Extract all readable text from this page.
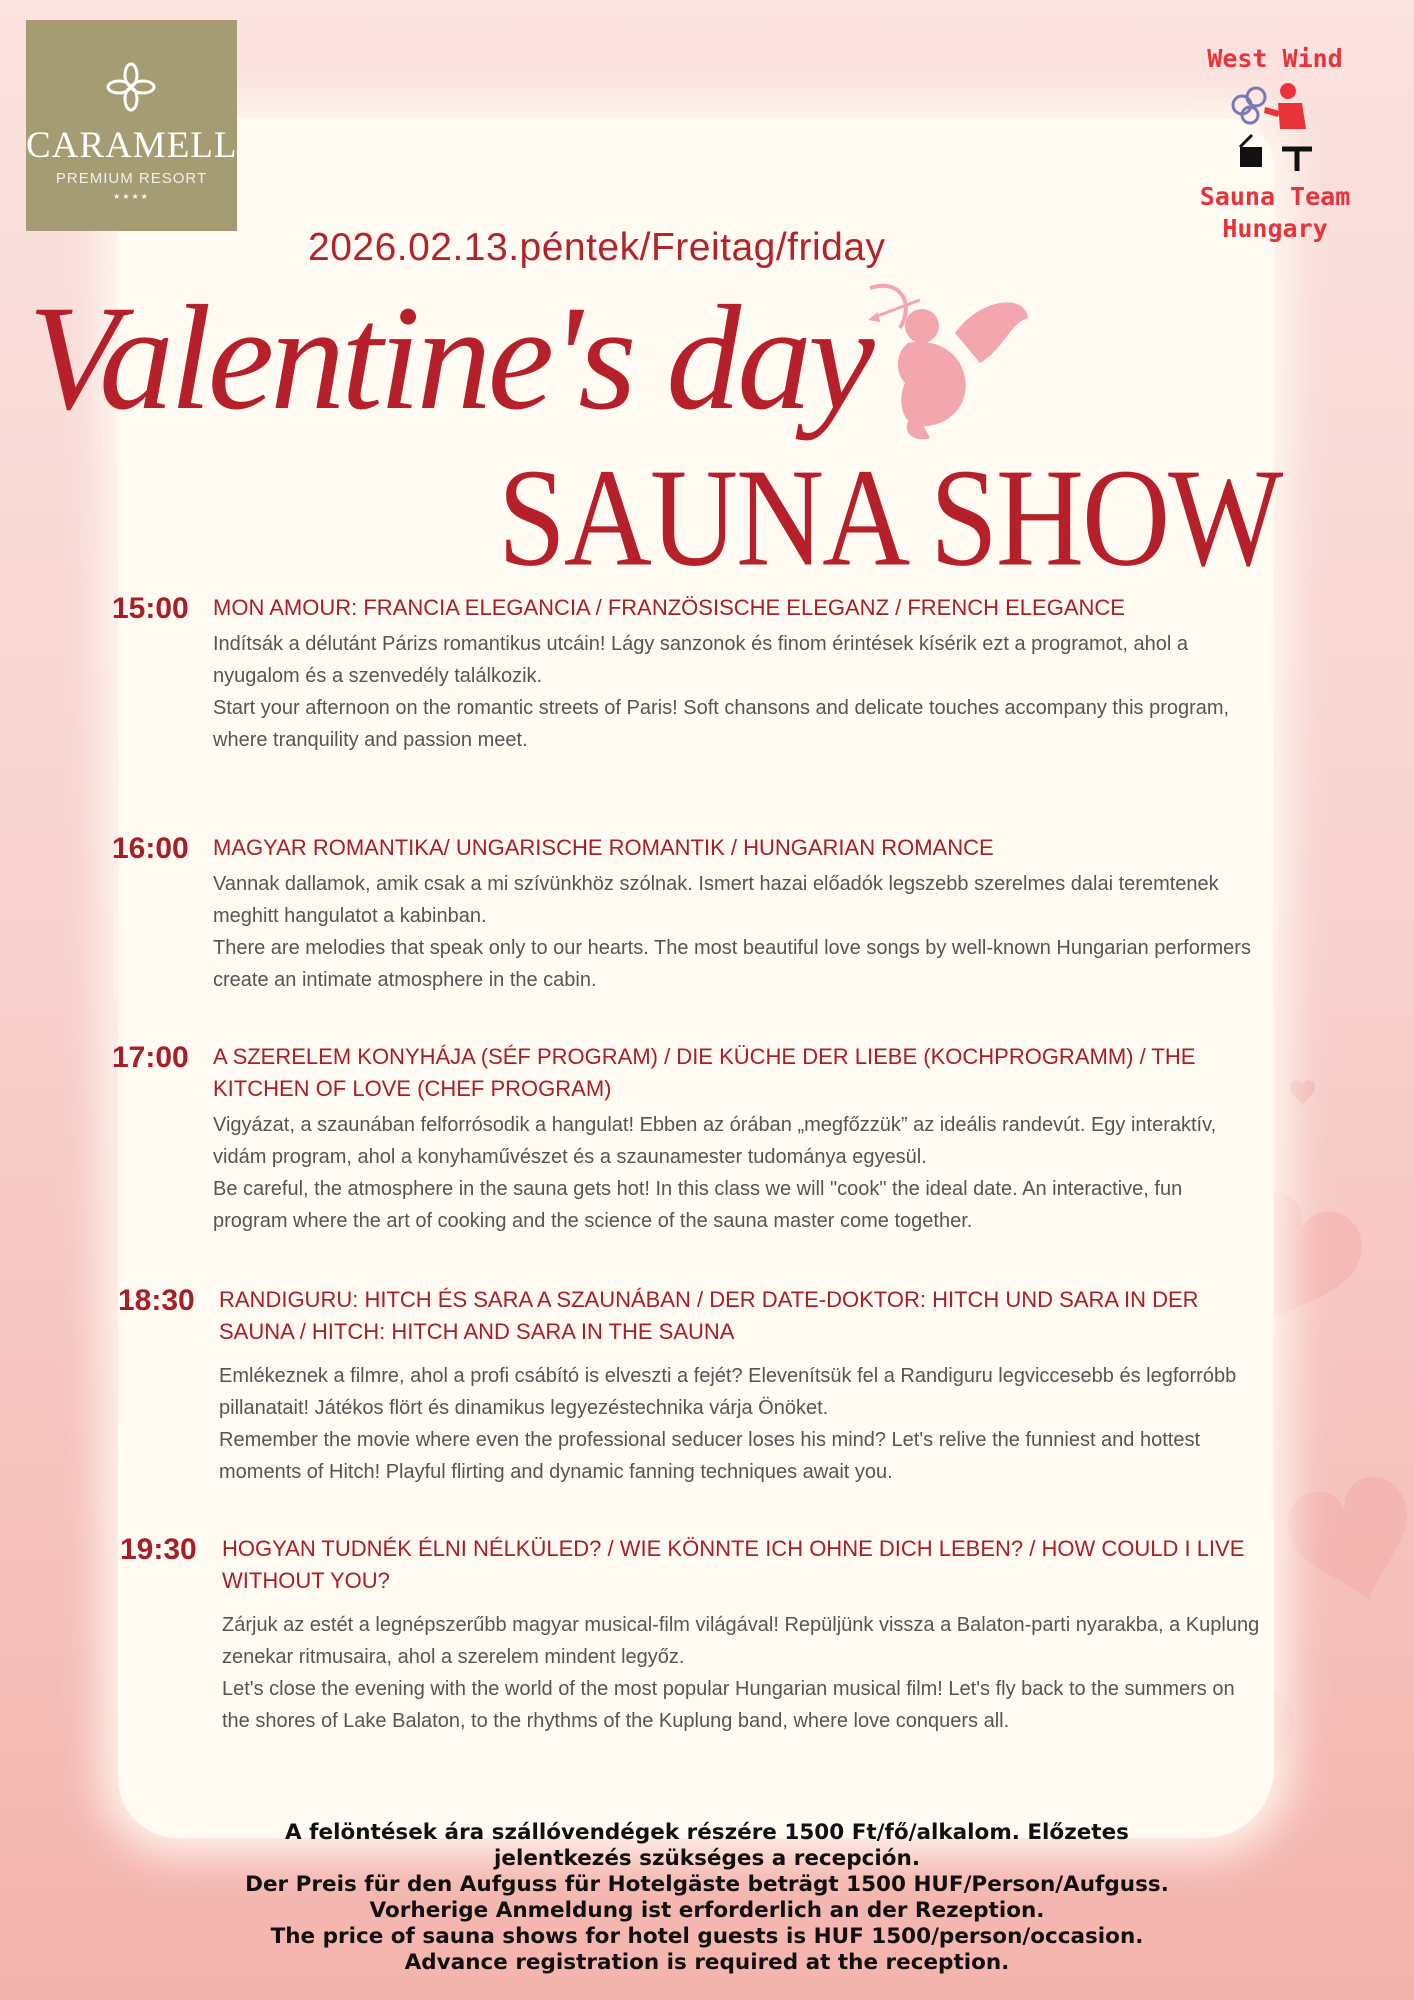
CARAMELL
PREMIUM RESORT
★★★★
West Wind
Sauna Team
Hungary
2026.02.13.péntek/Freitag/friday
Valentine's day
SAUNA SHOW
15:00 MON AMOUR: FRANCIA ELEGANCIA / FRANZÖSISCHE ELEGANZ / FRENCH ELEGANCE
Indítsák a délutánt Párizs romantikus utcáin! Lágy sanzonok és finom érintések kísérik ezt a programot, ahol a nyugalom és a szenvedély találkozik.
Start your afternoon on the romantic streets of Paris! Soft chansons and delicate touches accompany this program, where tranquility and passion meet.
16:00 MAGYAR ROMANTIKA/ UNGARISCHE ROMANTIK / HUNGARIAN ROMANCE
Vannak dallamok, amik csak a mi szívünkhöz szólnak. Ismert hazai előadók legszebb szerelmes dalai teremtenek meghitt hangulatot a kabinban.
There are melodies that speak only to our hearts. The most beautiful love songs by well-known Hungarian performers create an intimate atmosphere in the cabin.
17:00 A SZERELEM KONYHÁJA (SÉF PROGRAM) / DIE KÜCHE DER LIEBE (KOCHPROGRAMM) / THE KITCHEN OF LOVE (CHEF PROGRAM)
Vigyázat, a szaunában felforrósodik a hangulat! Ebben az órában „megfőzzük” az ideális randevút. Egy interaktív, vidám program, ahol a konyhaművészet és a szaunamester tudománya egyesül.
Be careful, the atmosphere in the sauna gets hot! In this class we will "cook" the ideal date. An interactive, fun program where the art of cooking and the science of the sauna master come together.
18:30 RANDIGURU: HITCH ÉS SARA A SZAUNÁBAN / DER DATE-DOKTOR: HITCH UND SARA IN DER SAUNA / HITCH: HITCH AND SARA IN THE SAUNA
Emlékeznek a filmre, ahol a profi csábító is elveszti a fejét? Elevenítsük fel a Randiguru legviccesebb és legforróbb pillanatait! Játékos flört és dinamikus legyezéstechnika várja Önöket.
Remember the movie where even the professional seducer loses his mind? Let's relive the funniest and hottest moments of Hitch! Playful flirting and dynamic fanning techniques await you.
19:30 HOGYAN TUDNÉK ÉLNI NÉLKÜLED? / WIE KÖNNTE ICH OHNE DICH LEBEN? / HOW COULD I LIVE WITHOUT YOU?
Zárjuk az estét a legnépszerűbb magyar musical-film világával! Repüljünk vissza a Balaton-parti nyarakba, a Kuplung zenekar ritmusaira, ahol a szerelem mindent legyőz.
Let's close the evening with the world of the most popular Hungarian musical film! Let's fly back to the summers on the shores of Lake Balaton, to the rhythms of the Kuplung band, where love conquers all.
A felöntések ára szállóvendégek részére 1500 Ft/fő/alkalom. Előzetes
jelentkezés szükséges a recepción.
Der Preis für den Aufguss für Hotelgäste beträgt 1500 HUF/Person/Aufguss.
Vorherige Anmeldung ist erforderlich an der Rezeption.
The price of sauna shows for hotel guests is HUF 1500/person/occasion.
Advance registration is required at the reception.
